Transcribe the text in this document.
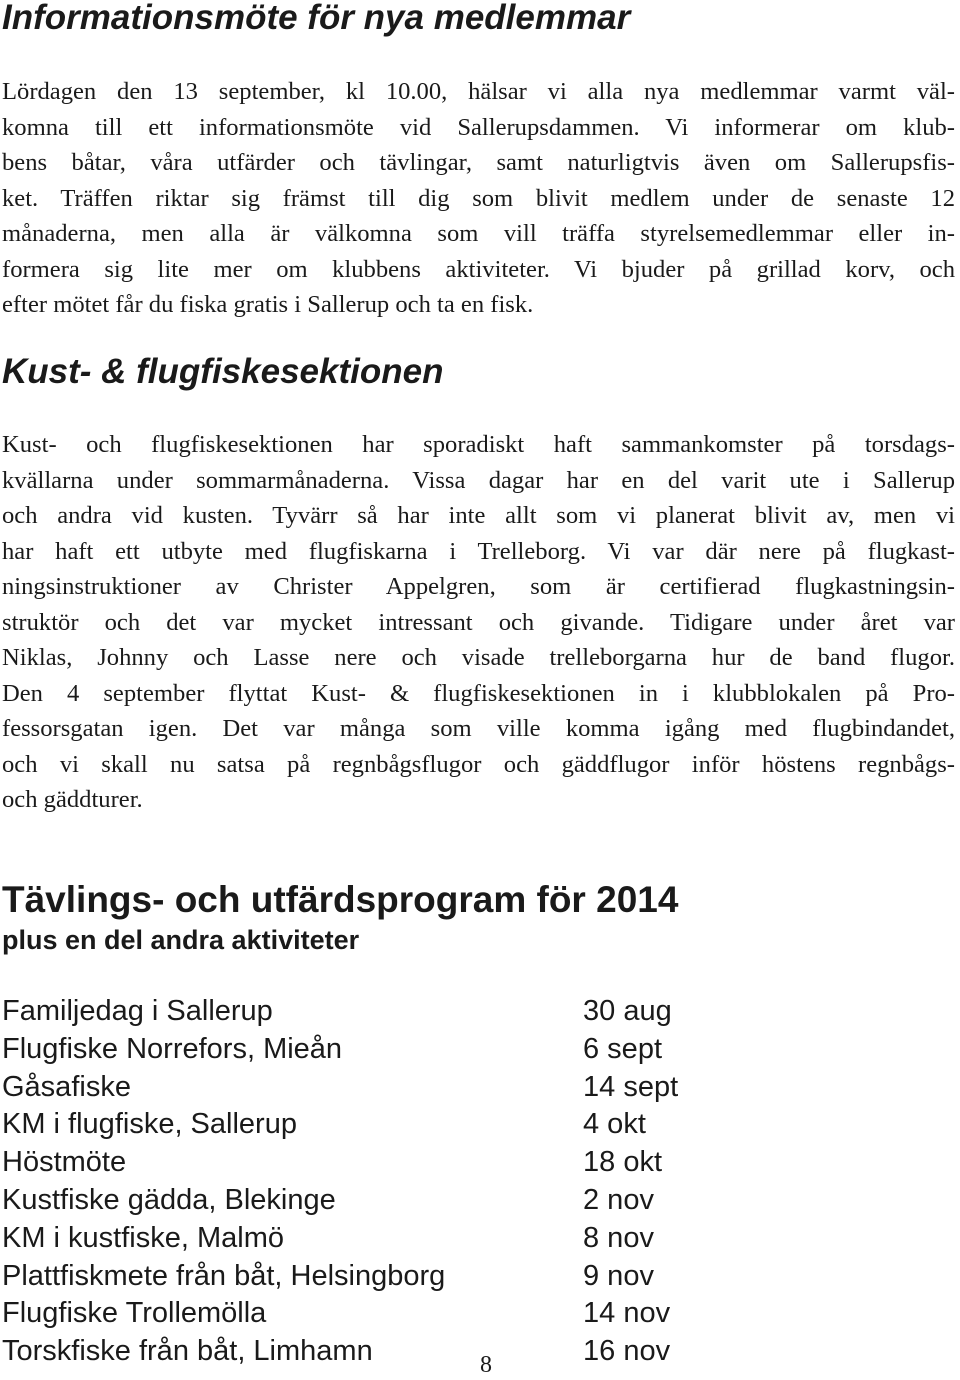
Informationsmöte för nya medlemmar
Lördagen den 13 september, kl 10.00, hälsar vi alla nya medlemmar varmt väl-
komna till ett informationsmöte vid Sallerupsdammen. Vi informerar om klub-
bens båtar, våra utfärder och tävlingar, samt naturligtvis även om Sallerupsfis-
ket. Träffen riktar sig främst till dig som blivit medlem under de senaste 12
månaderna, men alla är välkomna som vill träffa styrelsemedlemmar eller in-
formera sig lite mer om klubbens aktiviteter. Vi bjuder på grillad korv, och
efter mötet får du fiska gratis i Sallerup och ta en fisk.
Kust- & flugfiskesektionen
Kust- och flugfiskesektionen har sporadiskt haft sammankomster på torsdags-
kvällarna under sommarmånaderna. Vissa dagar har en del varit ute i Sallerup
och andra vid kusten. Tyvärr så har inte allt som vi planerat blivit av, men vi
har haft ett utbyte med flugfiskarna i Trelleborg. Vi var där nere på flugkast-
ningsinstruktioner av Christer Appelgren, som är certifierad flugkastningsin-
struktör och det var mycket intressant och givande. Tidigare under året var
Niklas, Johnny och Lasse nere och visade trelleborgarna hur de band flugor.
Den 4 september flyttat Kust- & flugfiskesektionen in i klubblokalen på Pro-
fessorsgatan igen. Det var många som ville komma igång med flugbindandet,
och vi skall nu satsa på regnbågsflugor och gäddflugor inför höstens regnbågs-
och gäddturer.
Tävlings- och utfärdsprogram för 2014
plus en del andra aktiviteter
Familjedag i Sallerup	30 aug
Flugfiske Norrefors, Mieån	6 sept
Gåsafiske	14 sept
KM i flugfiske, Sallerup	4 okt
Höstmöte	18 okt
Kustfiske gädda, Blekinge	2 nov
KM i kustfiske, Malmö	8 nov
Plattfiskmete från båt, Helsingborg	9 nov
Flugfiske Trollemölla	14 nov
Torskfiske från båt, Limhamn	16 nov
8
